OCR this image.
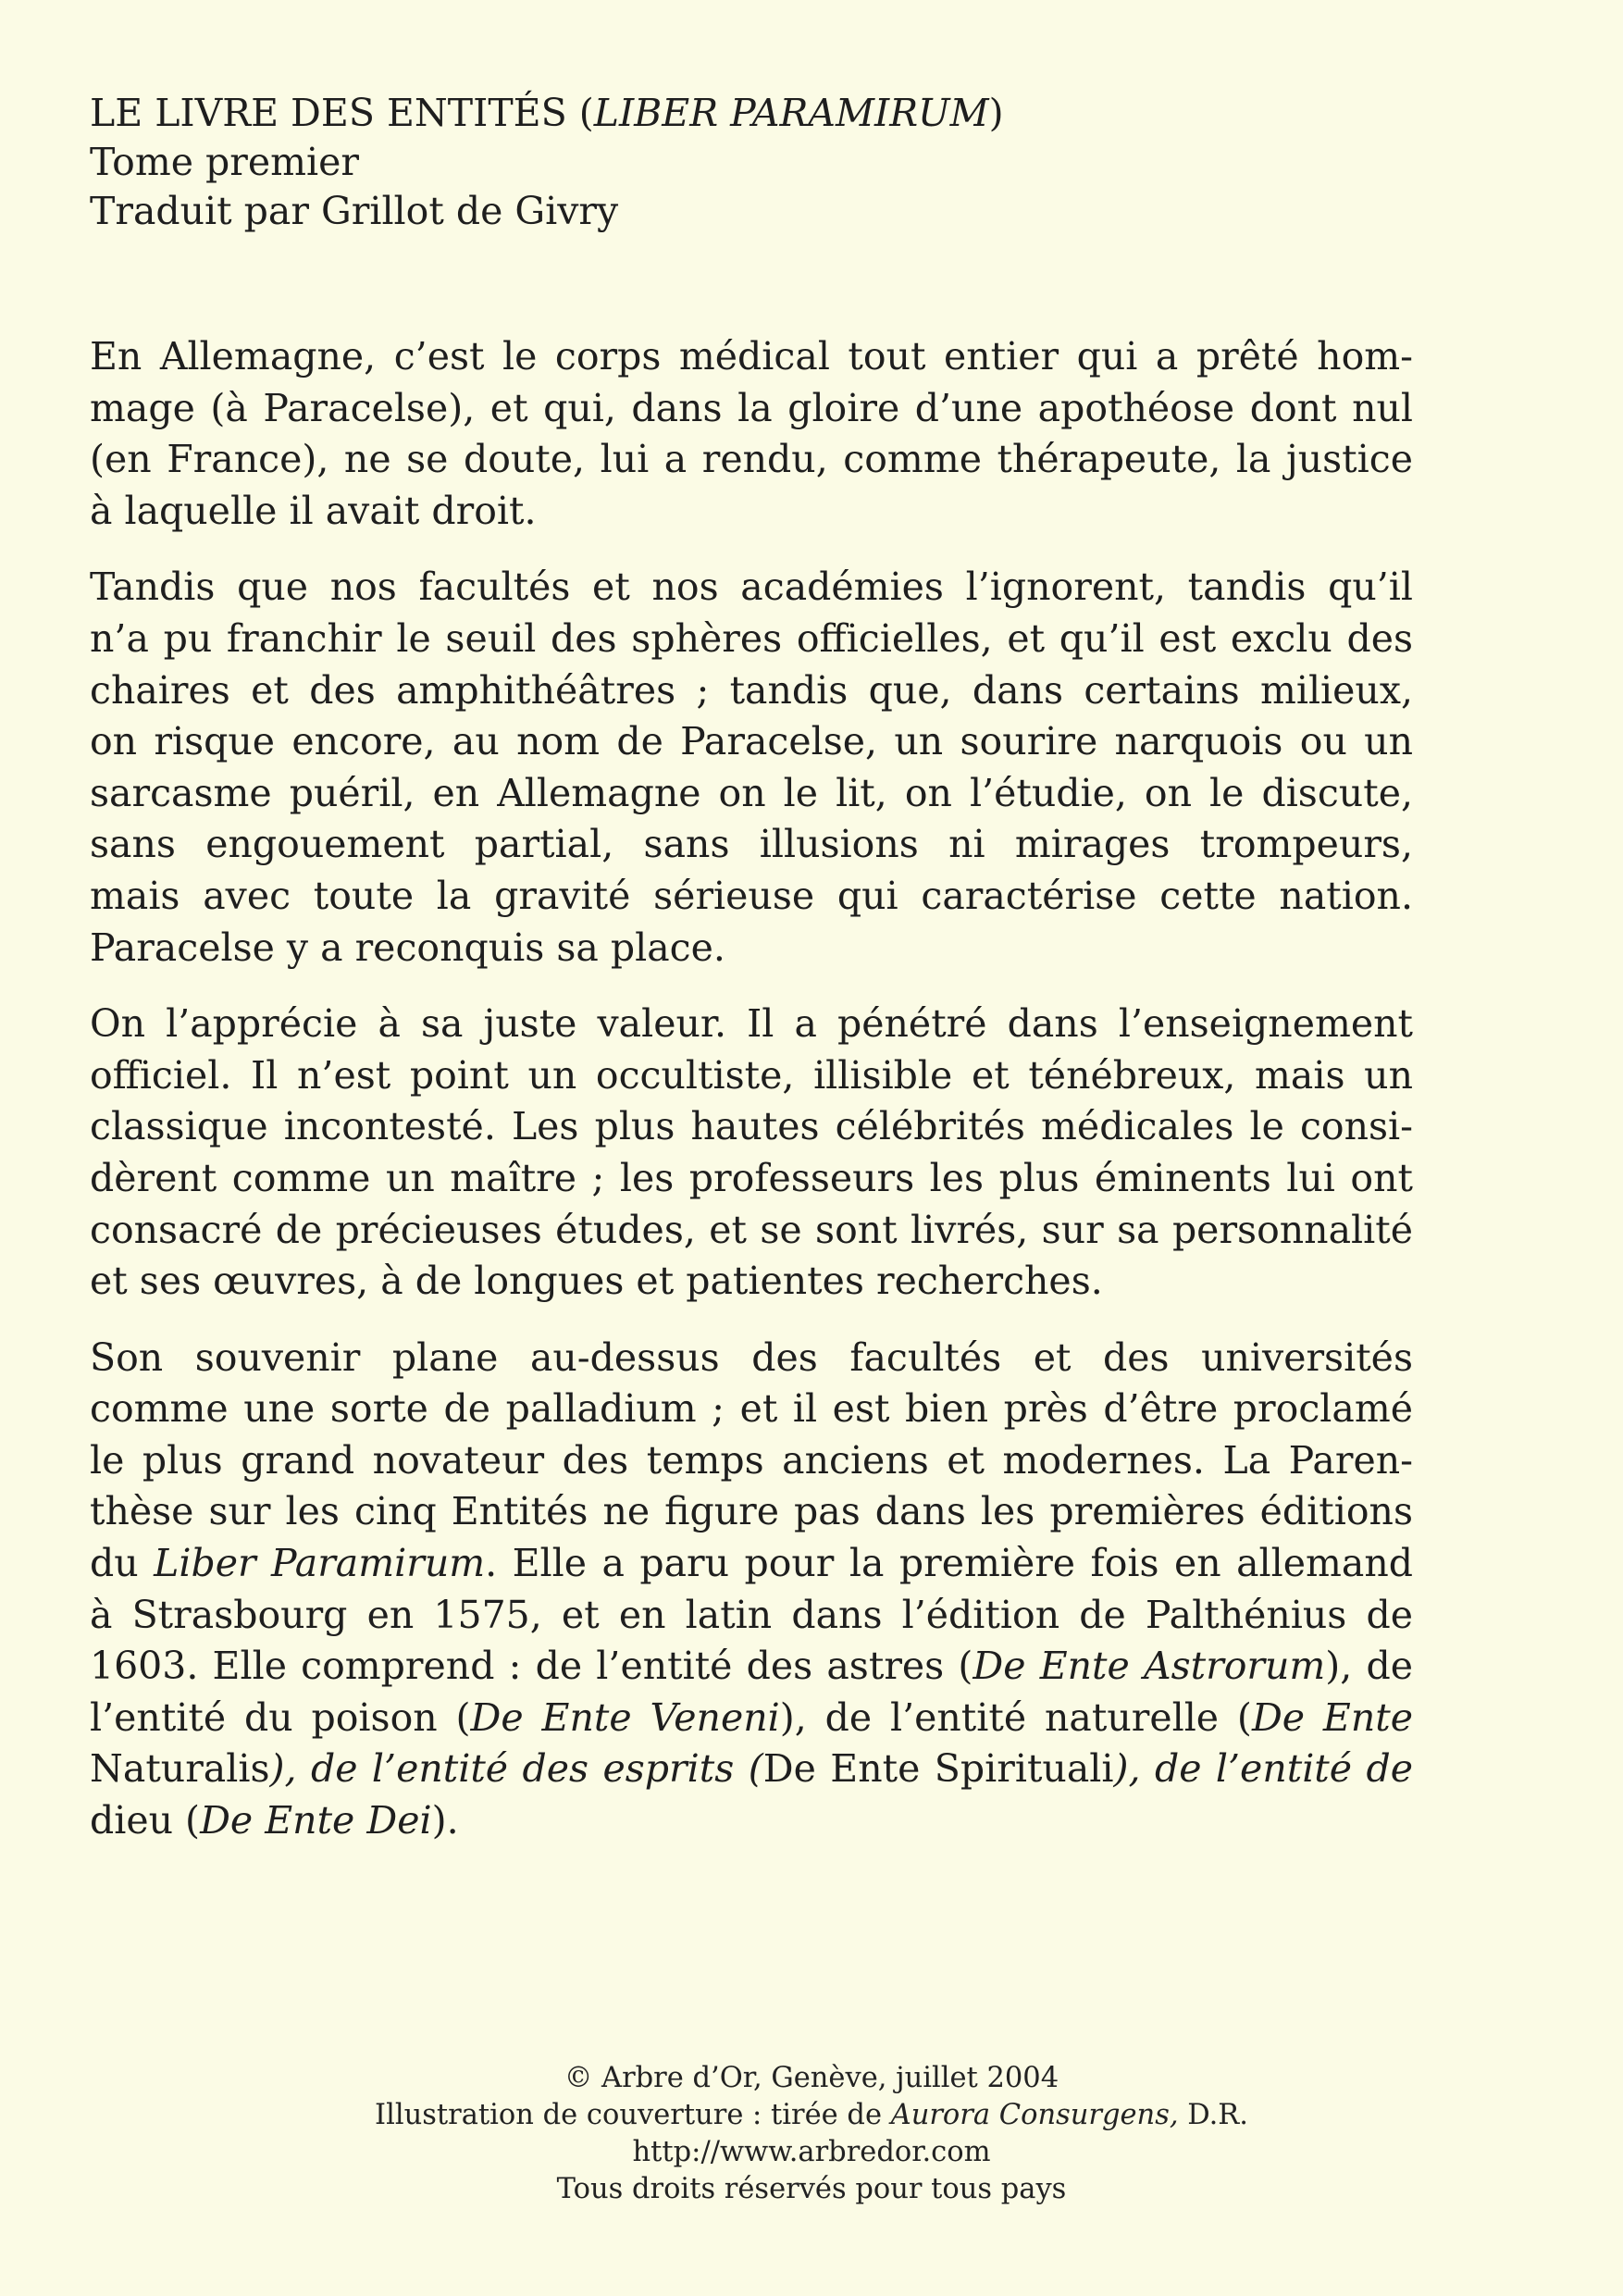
LE LIVRE DES ENTITÉS (LIBER PARAMIRUM)
Tome premier
Traduit par Grillot de Givry

En Allemagne, c’est le corps médical tout entier qui a prêté hom-
mage (à Paracelse), et qui, dans la gloire d’une apothéose dont nul
(en France), ne se doute, lui a rendu, comme thérapeute, la justice
à laquelle il avait droit.

Tandis que nos facultés et nos académies l’ignorent, tandis qu’il
n’a pu franchir le seuil des sphères officielles, et qu’il est exclu des
chaires et des amphithéâtres ; tandis que, dans certains milieux,
on risque encore, au nom de Paracelse, un sourire narquois ou un
sarcasme puéril, en Allemagne on le lit, on l’étudie, on le discute,
sans engouement partial, sans illusions ni mirages trompeurs,
mais avec toute la gravité sérieuse qui caractérise cette nation.
Paracelse y a reconquis sa place.

On l’apprécie à sa juste valeur. Il a pénétré dans l’enseignement
officiel. Il n’est point un occultiste, illisible et ténébreux, mais un
classique incontesté. Les plus hautes célébrités médicales le consi-
dèrent comme un maître ; les professeurs les plus éminents lui ont
consacré de précieuses études, et se sont livrés, sur sa personnalité
et ses œuvres, à de longues et patientes recherches.

Son souvenir plane au-dessus des facultés et des universités
comme une sorte de palladium ; et il est bien près d’être proclamé
le plus grand novateur des temps anciens et modernes. La Paren-
thèse sur les cinq Entités ne figure pas dans les premières éditions
du Liber Paramirum. Elle a paru pour la première fois en allemand
à Strasbourg en 1575, et en latin dans l’édition de Palthénius de
1603. Elle comprend : de l’entité des astres (De Ente Astrorum), de
l’entité du poison (De Ente Veneni), de l’entité naturelle (De Ente
Naturalis), de l’entité des esprits (De Ente Spirituali), de l’entité de
dieu (De Ente Dei).

© Arbre d’Or, Genève, juillet 2004
Illustration de couverture : tirée de Aurora Consurgens, D.R.
http://www.arbredor.com
Tous droits réservés pour tous pays
